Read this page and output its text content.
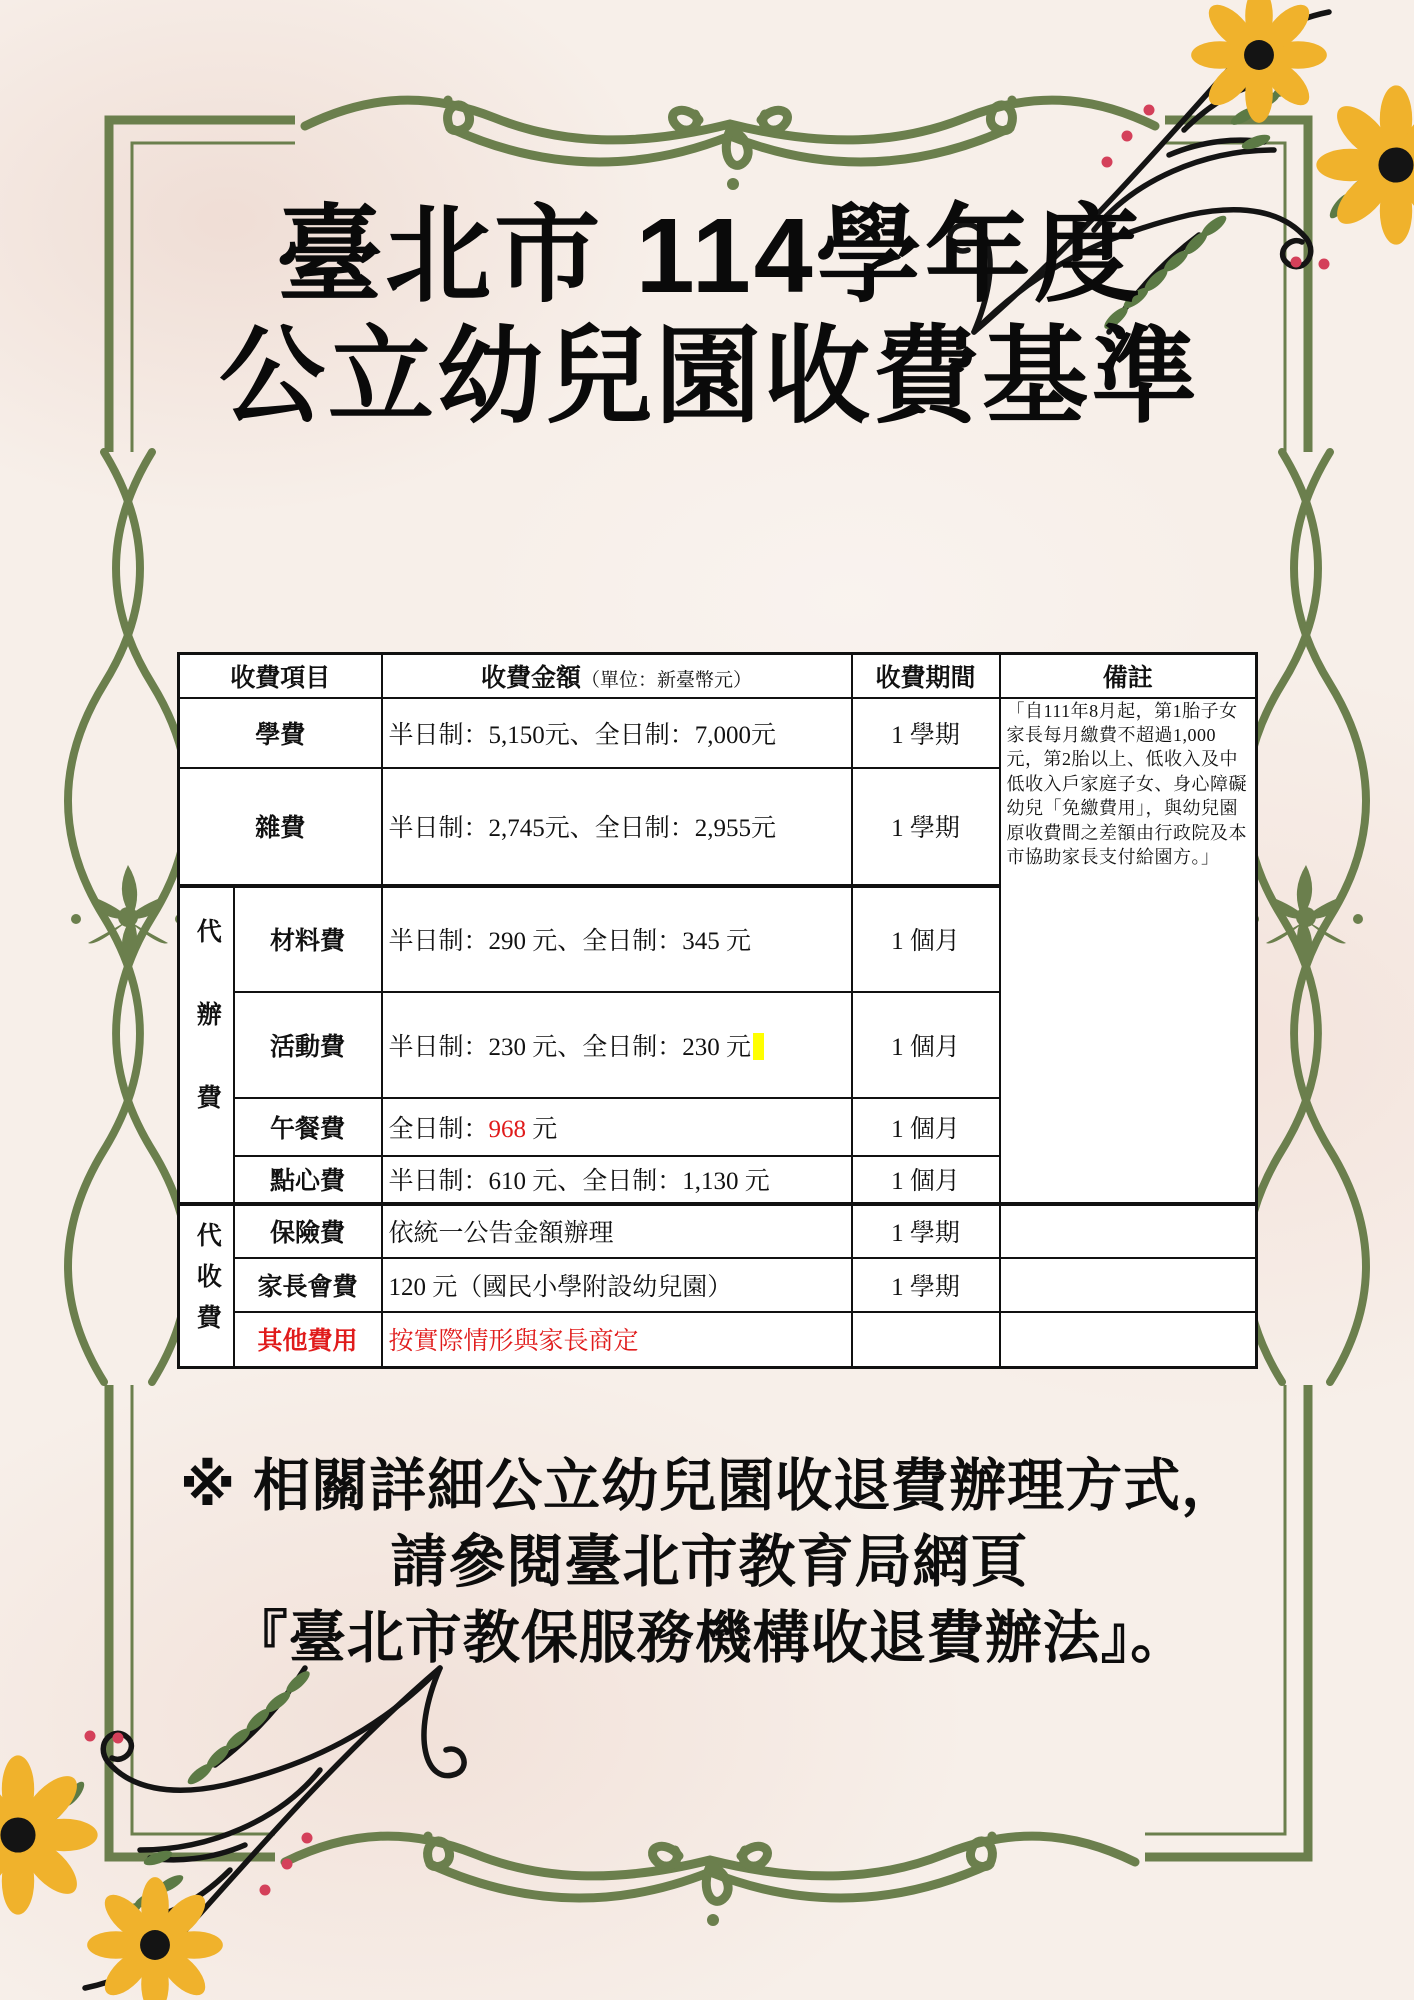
臺北市 114學年度
公立幼兒園收費基準
收費項目		收費金額（單位：新臺幣元）	收費期間	備註
學費		半日制：5,150元、全日制：7,000元	1 學期	「自111年8月起，第1胎子女家長每月繳費不超過1,000元，第2胎以上、低收入及中低收入戶家庭子女、身心障礙幼兒「免繳費用」，與幼兒園原收費間之差額由行政院及本市協助家長支付給園方。」
雜費		半日制：2,745元、全日制：2,955元	1 學期	
代辦費	材料費	半日制：290 元、全日制：345 元	1 個月	
	活動費	半日制：230 元、全日制：230 元	1 個月	
	午餐費	全日制：968 元	1 個月	
	點心費	半日制：610 元、全日制：1,130 元	1 個月	
代收費	保險費	依統一公告金額辦理	1 學期	
	家長會費	120 元（國民小學附設幼兒園）	1 學期	
	其他費用	按實際情形與家長商定		
※ 相關詳細公立幼兒園收退費辦理方式，
請參閱臺北市教育局網頁
『臺北市教保服務機構收退費辦法』。
